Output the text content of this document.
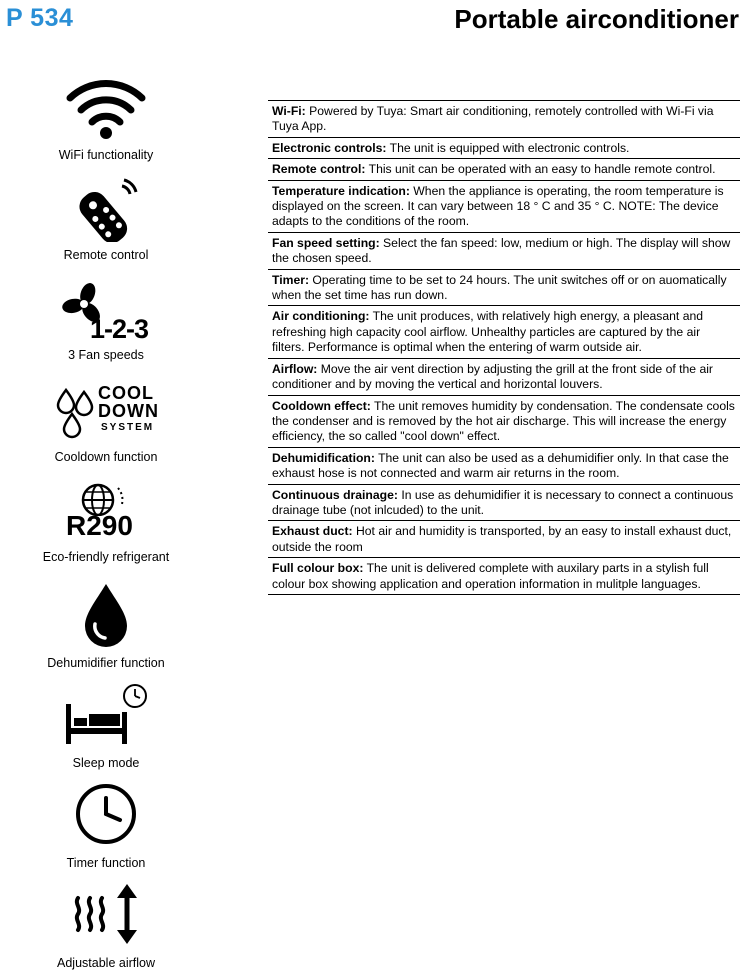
P 534	Portable airconditioner
WiFi functionality
Remote control
1-2-3
3 Fan speeds
COOL
DOWN
SYSTEM
Cooldown function
R290
Eco-friendly refrigerant
Dehumidifier function
Sleep mode
Timer function
Adjustable airflow
Wi-Fi: Powered by Tuya: Smart air conditioning, remotely controlled with Wi-Fi via Tuya App.
Electronic controls: The unit is equipped with electronic controls.
Remote control: This unit can be operated with an easy to handle remote control.
Temperature indication: When the appliance is operating, the room temperature is displayed on the screen. It can vary between 18 ° C and 35 ° C. NOTE: The device adapts to the conditions of the room.
Fan speed setting: Select the fan speed: low, medium or high. The display will show the chosen speed.
Timer: Operating time to be set to 24 hours. The unit switches off or on auomatically when the set time has run down.
Air conditioning: The unit produces, with relatively high energy, a pleasant and refreshing high capacity cool airflow. Unhealthy particles are captured by the air filters. Performance is optimal when the entering of warm outside air.
Airflow: Move the air vent direction by adjusting the grill at the front side of the air conditioner and by moving the vertical and horizontal louvers.
Cooldown effect: The unit removes humidity by condensation. The condensate cools the condenser and is removed by the hot air discharge. This will increase the energy efficiency, the so called "cool down" effect.
Dehumidification: The unit can also be used as a dehumidifier only. In that case the exhaust hose is not connected and warm air returns in the room.
Continuous drainage: In use as dehumidifier it is necessary to connect a continuous drainage tube (not inlcuded) to the unit.
Exhaust duct: Hot air and humidity is transported, by an easy to install exhaust duct, outside the room
Full colour box: The unit is delivered complete with auxilary parts in a stylish full colour box showing application and operation information in mulitple languages.
